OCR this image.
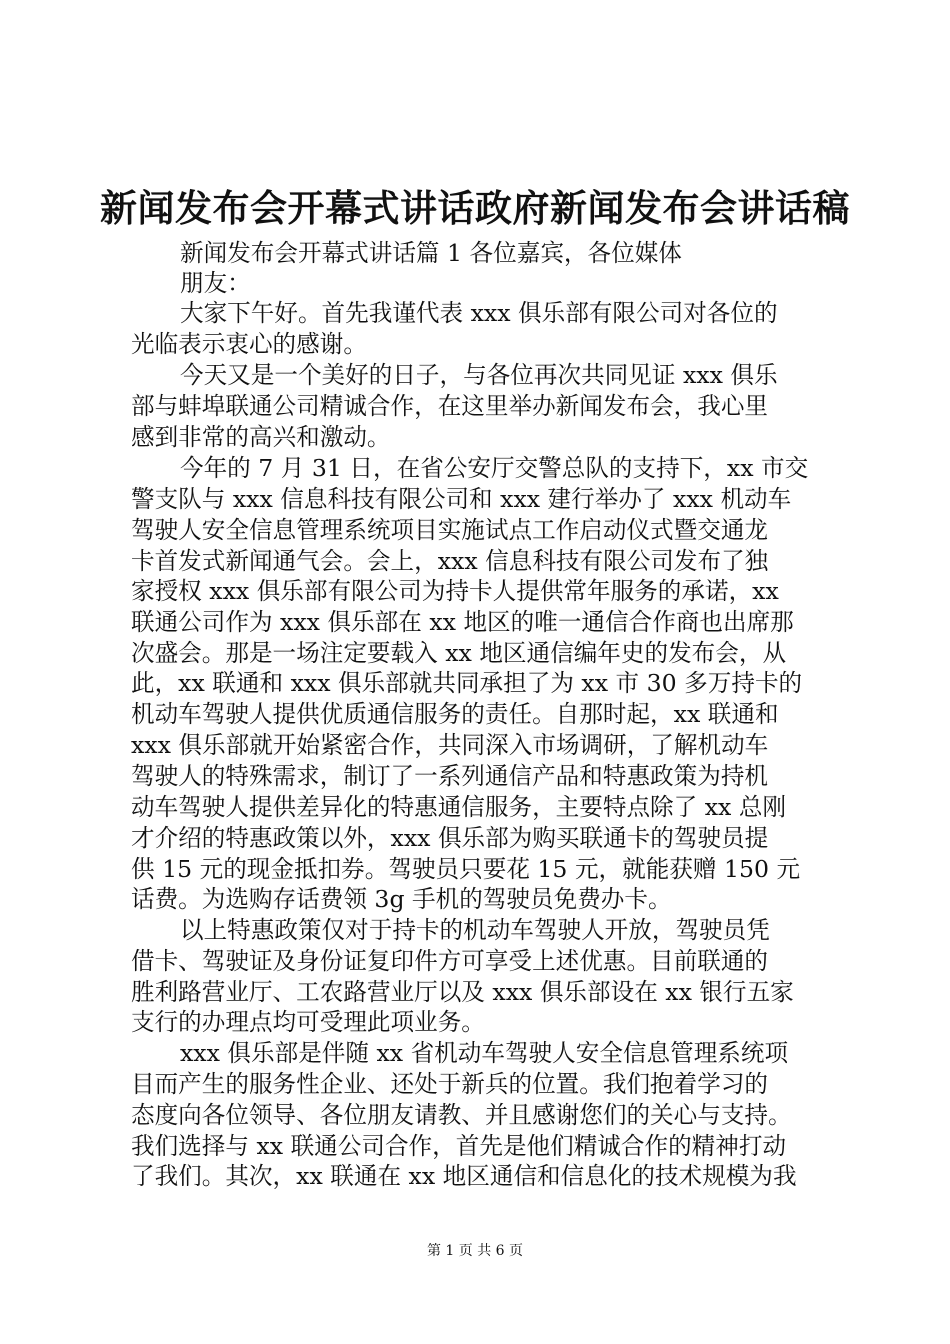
新闻发布会开幕式讲话政府新闻发布会讲话稿
新闻发布会开幕式讲话篇 1 各位嘉宾，各位媒体
朋友：
大家下午好。首先我谨代表 xxx 俱乐部有限公司对各位的
光临表示衷心的感谢。
今天又是一个美好的日子，与各位再次共同见证 xxx 俱乐
部与蚌埠联通公司精诚合作，在这里举办新闻发布会，我心里
感到非常的高兴和激动。
今年的 7 月 31 日，在省公安厅交警总队的支持下，xx 市交
警支队与 xxx 信息科技有限公司和 xxx 建行举办了 xxx 机动车
驾驶人安全信息管理系统项目实施试点工作启动仪式暨交通龙
卡首发式新闻通气会。会上，xxx 信息科技有限公司发布了独
家授权 xxx 俱乐部有限公司为持卡人提供常年服务的承诺，xx
联通公司作为 xxx 俱乐部在 xx 地区的唯一通信合作商也出席那
次盛会。那是一场注定要载入 xx 地区通信编年史的发布会，从
此，xx 联通和 xxx 俱乐部就共同承担了为 xx 市 30 多万持卡的
机动车驾驶人提供优质通信服务的责任。自那时起，xx 联通和
xxx 俱乐部就开始紧密合作，共同深入市场调研，了解机动车
驾驶人的特殊需求，制订了一系列通信产品和特惠政策为持机
动车驾驶人提供差异化的特惠通信服务，主要特点除了 xx 总刚
才介绍的特惠政策以外，xxx 俱乐部为购买联通卡的驾驶员提
供 15 元的现金抵扣券。驾驶员只要花 15 元，就能获赠 150 元
话费。为选购存话费领 3g 手机的驾驶员免费办卡。
以上特惠政策仅对于持卡的机动车驾驶人开放，驾驶员凭
借卡、驾驶证及身份证复印件方可享受上述优惠。目前联通的
胜利路营业厅、工农路营业厅以及 xxx 俱乐部设在 xx 银行五家
支行的办理点均可受理此项业务。
xxx 俱乐部是伴随 xx 省机动车驾驶人安全信息管理系统项
目而产生的服务性企业、还处于新兵的位置。我们抱着学习的
态度向各位领导、各位朋友请教、并且感谢您们的关心与支持。
我们选择与 xx 联通公司合作，首先是他们精诚合作的精神打动
了我们。其次，xx 联通在 xx 地区通信和信息化的技术规模为我
第 1 页 共 6 页
